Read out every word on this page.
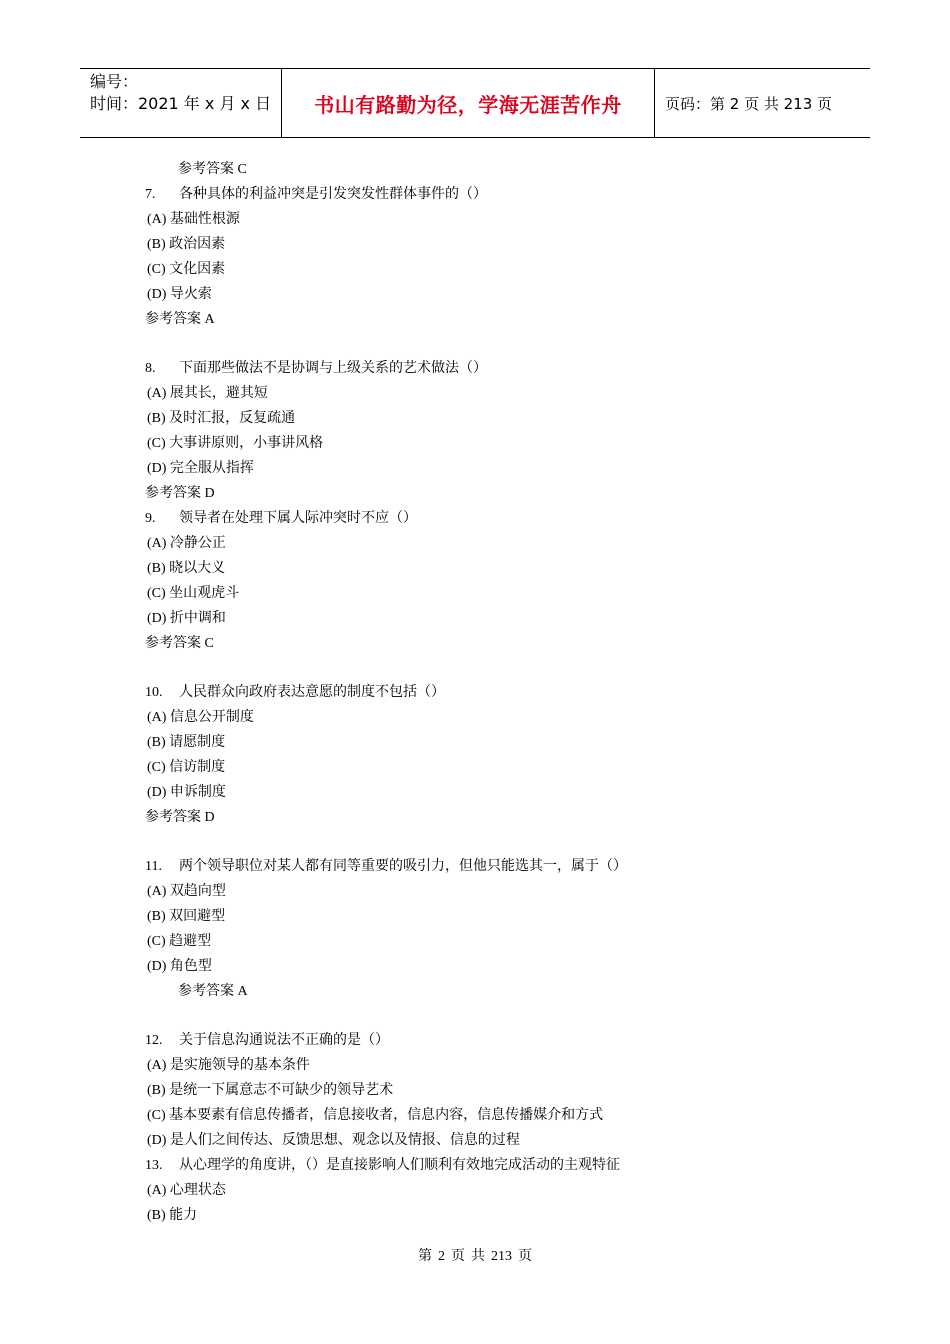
编号：
时间：2021 年 x 月 x 日	书山有路勤为径，学海无涯苦作舟	页码：第 2 页 共 213 页
参考答案 C
7. 各种具体的利益冲突是引发突发性群体事件的（）
(A) 基础性根源
(B) 政治因素
(C) 文化因素
(D) 导火索
参考答案 A
8. 下面那些做法不是协调与上级关系的艺术做法（）
(A) 展其长，避其短
(B) 及时汇报，反复疏通
(C) 大事讲原则，小事讲风格
(D) 完全服从指挥
参考答案 D
9. 领导者在处理下属人际冲突时不应（）
(A) 冷静公正
(B) 晓以大义
(C) 坐山观虎斗
(D) 折中调和
参考答案 C
10. 人民群众向政府表达意愿的制度不包括（）
(A) 信息公开制度
(B) 请愿制度
(C) 信访制度
(D) 申诉制度
参考答案 D
11. 两个领导职位对某人都有同等重要的吸引力，但他只能选其一，属于（）
(A) 双趋向型
(B) 双回避型
(C) 趋避型
(D) 角色型
参考答案 A
12. 关于信息沟通说法不正确的是（）
(A) 是实施领导的基本条件
(B) 是统一下属意志不可缺少的领导艺术
(C) 基本要素有信息传播者，信息接收者，信息内容，信息传播媒介和方式
(D) 是人们之间传达、反馈思想、观念以及情报、信息的过程
13. 从心理学的角度讲，（）是直接影响人们顺利有效地完成活动的主观特征
(A) 心理状态
(B) 能力
第 2 页 共 213 页
